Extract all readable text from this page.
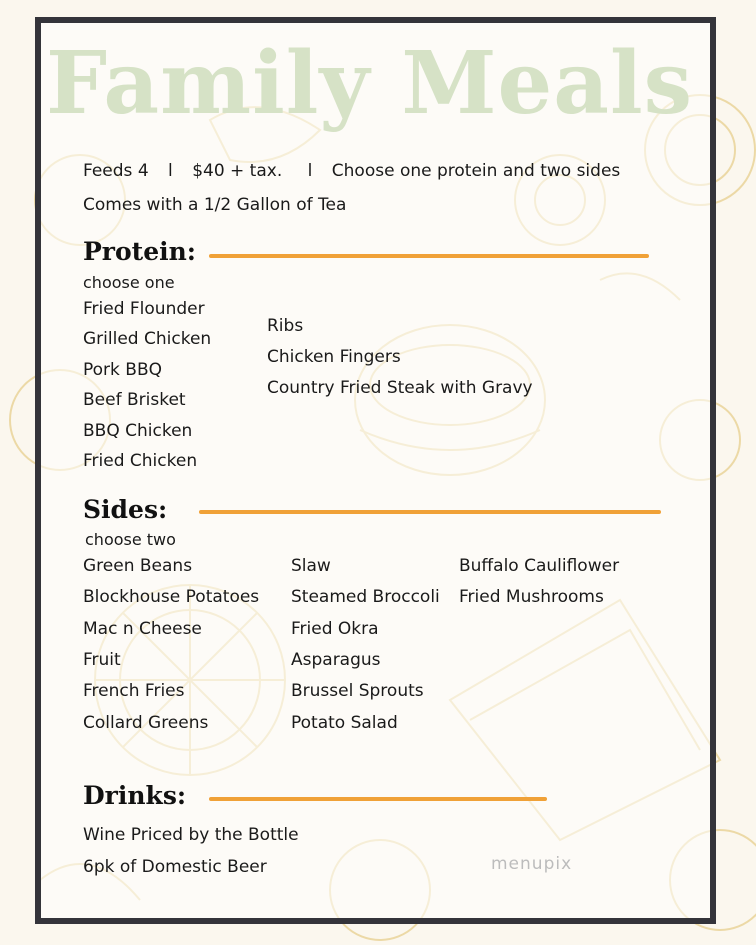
Family Meals
Feeds 4 l $40 + tax. l Choose one protein and two sides
Comes with a 1/2 Gallon of Tea
Protein:
choose one
Fried Flounder
Grilled Chicken
Pork BBQ
Beef Brisket
BBQ Chicken
Fried Chicken
Ribs
Chicken Fingers
Country Fried Steak with Gravy
Sides:
choose two
Green Beans
Blockhouse Potatoes
Mac n Cheese
Fruit
French Fries
Collard Greens
Slaw
Steamed Broccoli
Fried Okra
Asparagus
Brussel Sprouts
Potato Salad
Buffalo Cauliflower
Fried Mushrooms
Drinks:
Wine Priced by the Bottle
6pk of Domestic Beer	menupix
